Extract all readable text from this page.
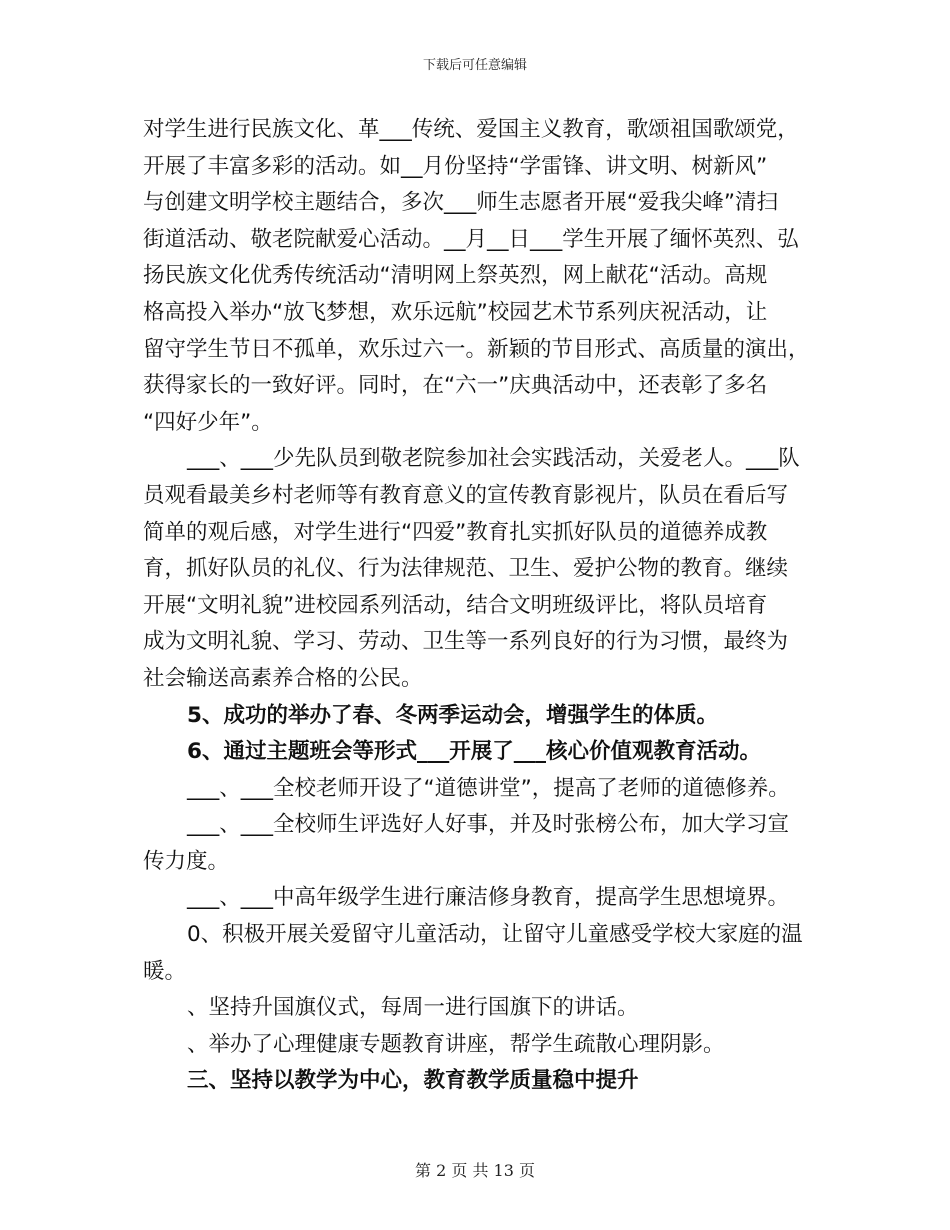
下载后可任意编辑
对学生进行民族文化、革___传统、爱国主义教育，歌颂祖国歌颂党，
开展了丰富多彩的活动。如__月份坚持“学雷锋、讲文明、树新风”
与创建文明学校主题结合，多次___师生志愿者开展“爱我尖峰”清扫
街道活动、敬老院献爱心活动。__月__日___学生开展了缅怀英烈、弘
扬民族文化优秀传统活动“清明网上祭英烈，网上献花“活动。高规
格高投入举办“放飞梦想，欢乐远航”校园艺术节系列庆祝活动，让
留守学生节日不孤单，欢乐过六一。新颖的节目形式、高质量的演出，
获得家长的一致好评。同时，在“六一”庆典活动中，还表彰了多名
“四好少年”。
___、___少先队员到敬老院参加社会实践活动，关爱老人。___队
员观看最美乡村老师等有教育意义的宣传教育影视片，队员在看后写
简单的观后感，对学生进行“四爱”教育扎实抓好队员的道德养成教
育，抓好队员的礼仪、行为法律规范、卫生、爱护公物的教育。继续
开展“文明礼貌”进校园系列活动，结合文明班级评比，将队员培育
成为文明礼貌、学习、劳动、卫生等一系列良好的行为习惯，最终为
社会输送高素养合格的公民。
5、成功的举办了春、冬两季运动会，增强学生的体质。
6、通过主题班会等形式___开展了___核心价值观教育活动。
___、___全校老师开设了“道德讲堂”，提高了老师的道德修养。
___、___全校师生评选好人好事，并及时张榜公布，加大学习宣
传力度。
___、___中高年级学生进行廉洁修身教育，提高学生思想境界。
0、积极开展关爱留守儿童活动，让留守儿童感受学校大家庭的温
暖。
、坚持升国旗仪式，每周一进行国旗下的讲话。
、举办了心理健康专题教育讲座，帮学生疏散心理阴影。
三、坚持以教学为中心，教育教学质量稳中提升
第 2 页 共 13 页
